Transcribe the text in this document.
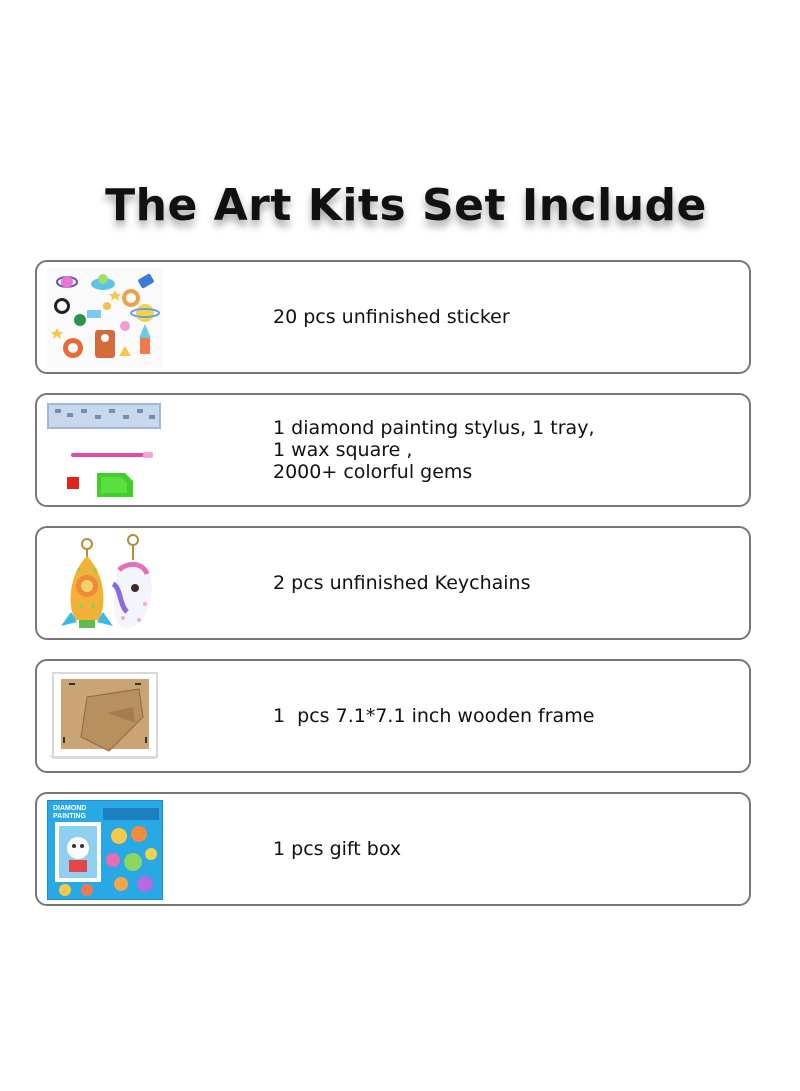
The Art Kits Set Include
20 pcs unfinished sticker
1 diamond painting stylus, 1 tray,
1 wax square ,
2000+ colorful gems
2 pcs unfinished Keychains
1  pcs 7.1*7.1 inch wooden frame
DIAMOND
PAINTING
1 pcs gift box
